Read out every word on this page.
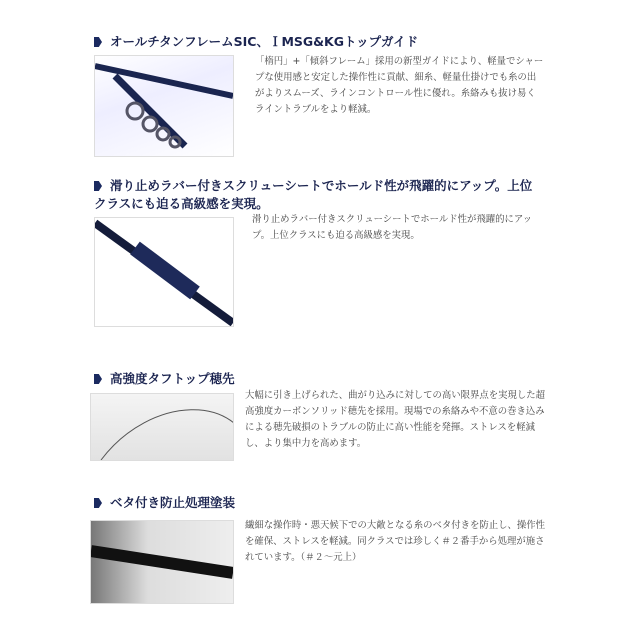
オールチタンフレームSIC、ＩMSG&KGトップガイド
「楕円」+「傾斜フレーム」採用の新型ガイドにより、軽量でシャープな使用感と安定した操作性に貢献、細糸、軽量仕掛けでも糸の出がよりスムーズ、ラインコントロール性に優れ。糸絡みも抜け易くライントラブルをより軽減。
滑り止めラバー付きスクリューシートでホールド性が飛躍的にアップ。上位クラスにも迫る高級感を実現。
滑り止めラバー付きスクリューシートでホールド性が飛躍的にアップ。上位クラスにも迫る高級感を実現。
高強度タフトップ穂先
大幅に引き上げられた、曲がり込みに対しての高い限界点を実現した超高強度カーボンソリッド穂先を採用。現場での糸絡みや不意の巻き込みによる穂先破損のトラブルの防止に高い性能を発揮。ストレスを軽減し、より集中力を高めます。
ベタ付き防止処理塗装
繊細な操作時・悪天候下での大敵となる糸のベタ付きを防止し、操作性を確保、ストレスを軽減。同クラスでは珍しく＃２番手から処理が施されています。（＃２～元上）
